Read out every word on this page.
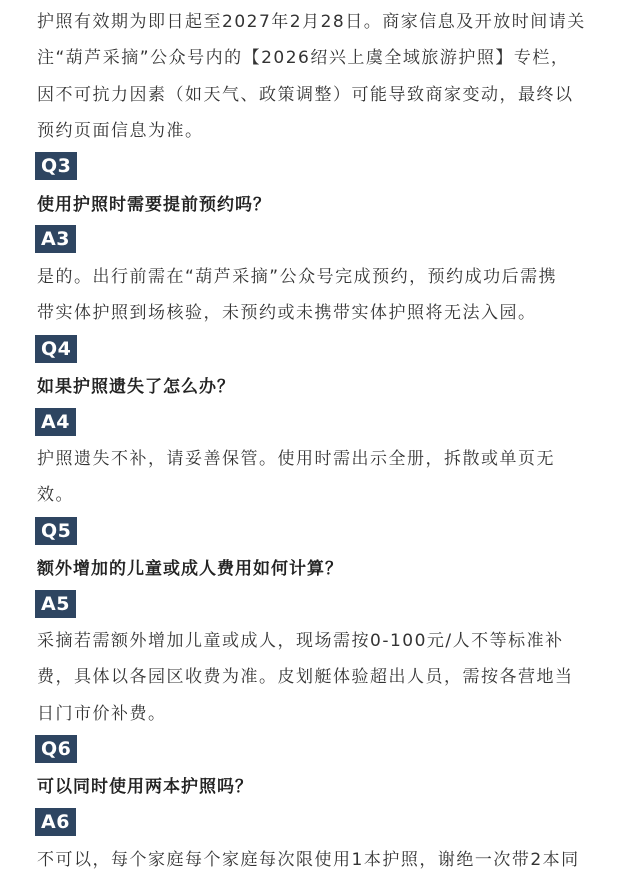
护照有效期为即日起至2027年2月28日。商家信息及开放时间请关

注“葫芦采摘”公众号内的【2026绍兴上虞全域旅游护照】专栏，

因不可抗力因素（如天气、政策调整）可能导致商家变动，最终以

预约页面信息为准。

Q3

使用护照时需要提前预约吗？

A3

是的。出行前需在“葫芦采摘”公众号完成预约，预约成功后需携

带实体护照到场核验，未预约或未携带实体护照将无法入园。

Q4

如果护照遗失了怎么办？

A4

护照遗失不补，请妥善保管。使用时需出示全册，拆散或单页无

效。

Q5

额外增加的儿童或成人费用如何计算？

A5

采摘若需额外增加儿童或成人，现场需按0-100元/人不等标准补

费，具体以各园区收费为准。皮划艇体验超出人员，需按各营地当

日门市价补费。

Q6

可以同时使用两本护照吗？

A6
不可以，每个家庭每个家庭每次限使用1本护照，谢绝一次带2本同
